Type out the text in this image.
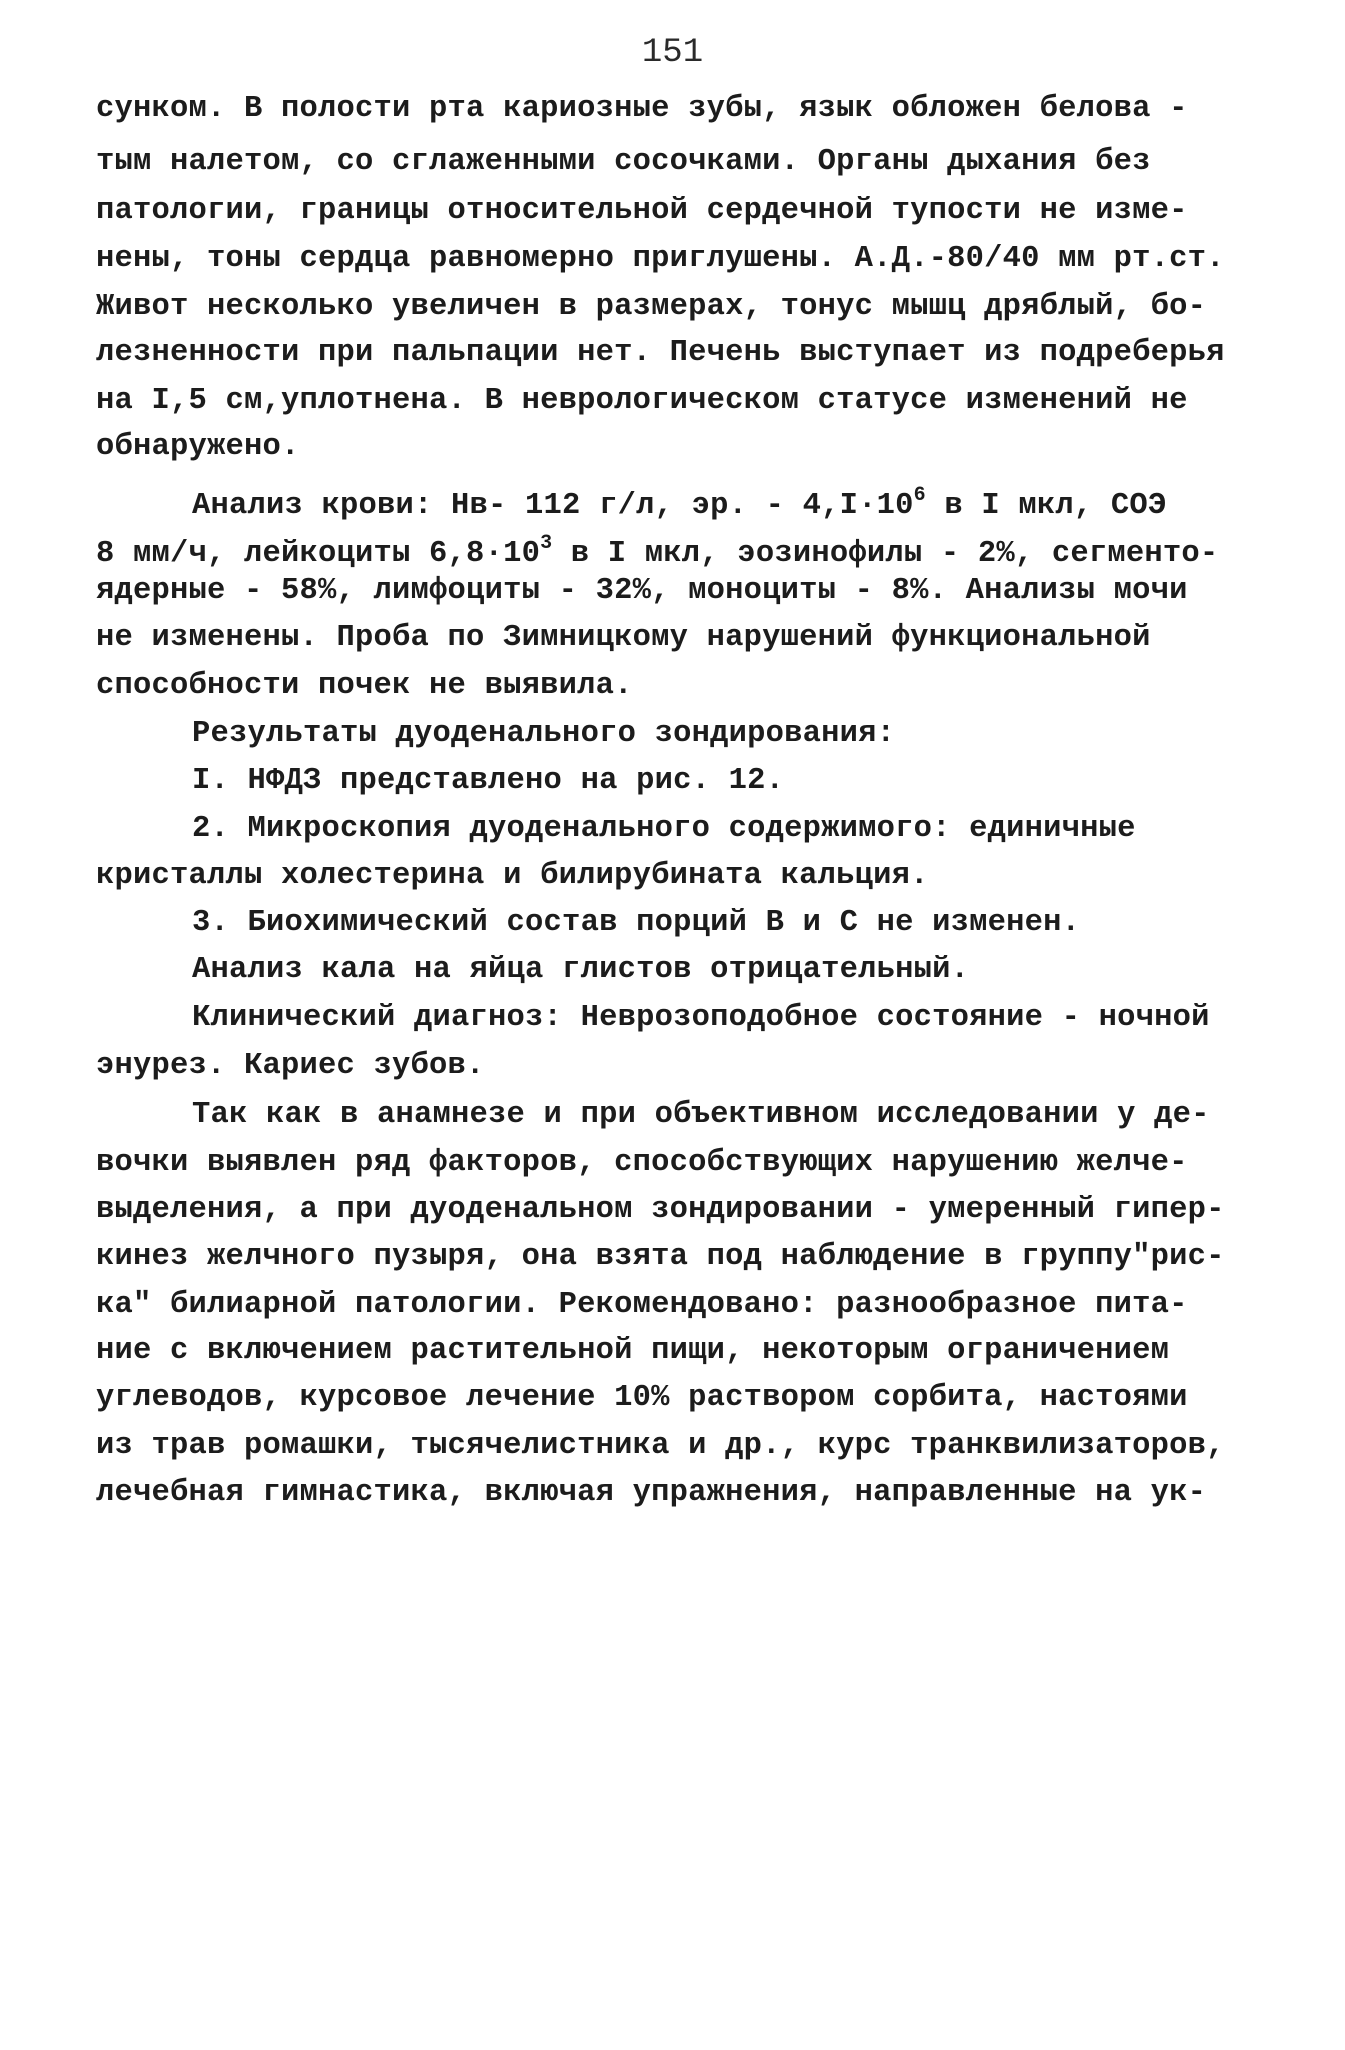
151
сунком. В полости рта кариозные зубы, язык обложен белова -
тым налетом, со сглаженными сосочками. Органы дыхания без
патологии, границы относительной сердечной тупости не изме-
нены, тоны сердца равномерно приглушены. А.Д.-80/40 мм рт.ст.
Живот несколько увеличен в размерах, тонус мышц дряблый, бо-
лезненности при пальпации нет. Печень выступает из подреберья
на I,5 см,уплотнена. В неврологическом статусе изменений не
обнаружено.
Анализ крови: Нв- 112 г/л, эр. - $4,I\cdot 10^6$ в I мкл, СОЭ
8 мм/ч, лейкоциты $6,8\cdot 10^3$ в I мкл, эозинофилы - 2%, сегменто-
ядерные - 58%, лимфоциты - 32%, моноциты - 8%. Анализы мочи
не изменены. Проба по Зимницкому нарушений функциональной
способности почек не выявила.
Результаты дуоденального зондирования:
I. НФДЗ представлено на рис. 12.
2. Микроскопия дуоденального содержимого: единичные
кристаллы холестерина и билирубината кальция.
3. Биохимический состав порций В и С не изменен.
Анализ кала на яйца глистов отрицательный.
Клинический диагноз: Неврозоподобное состояние - ночной
энурез. Кариес зубов.
Так как в анамнезе и при объективном исследовании у де-
вочки выявлен ряд факторов, способствующих нарушению желче-
выделения, а при дуоденальном зондировании - умеренный гипер-
кинез желчного пузыря, она взята под наблюдение в группу"рис-
ка" билиарной патологии. Рекомендовано: разнообразное пита-
ние с включением растительной пищи, некоторым ограничением
углеводов, курсовое лечение 10% раствором сорбита, настоями
из трав ромашки, тысячелистника и др., курс транквилизаторов,
лечебная гимнастика, включая упражнения, направленные на ук-
